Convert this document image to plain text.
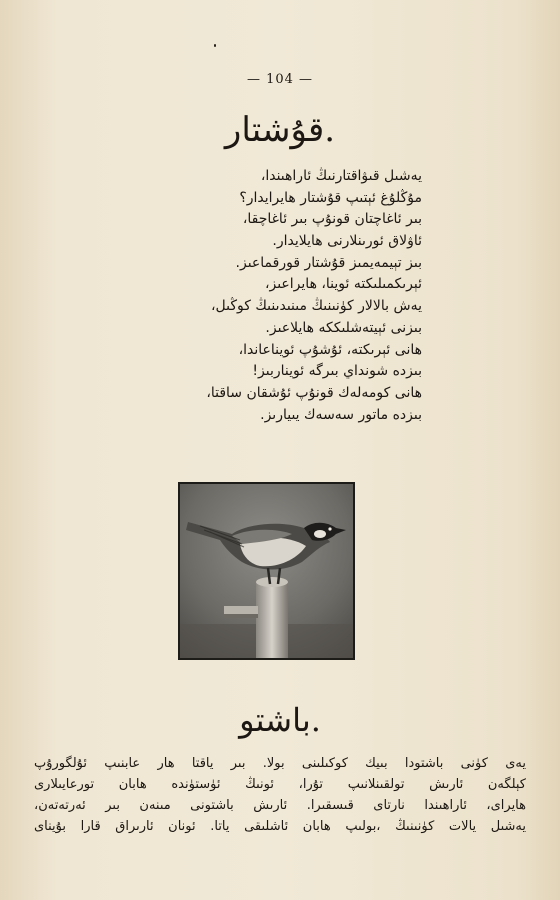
— 104 —
قۇشتار.
يەشىل قىۋاقتارنىڭ ئاراھىندا،
مۇڭلۇغ ئېتىپ قۇشتار ھايرايدار؟
بىر ئاغاچتان قونۇپ بىر ئاغاچقا،
ئاۋلاق ئورىنلارنى ھايلايدار.
بىز تېيمەيمىز قۇشتار قورقماعىز.
ئېرىكمىلىكتە ئوينا، ھايراعىز،
يەش بالالار كۈنىنىڭ مىنىدىنىڭ كوڭىل،
بىزنى ئېيتەشلىككە ھايلاعىز.
ھانى ئېرىكتە، ئۇشۇپ ئويناعاندا،
بىزدە شونداي بىرگە ئويناربىز!
ھانى كومەلەك قونۇپ ئۇشقان ساقتا،
بىزدە ماتور سەسەك يىيارىز.
باشتو.
يەى كۈنى باشتودا بىيك كوكىلىنى بولا. بىر ياقتا ھار عابنىپ ئۇلگورۇپ
كېلگەن ئارىش تولقىنلانىپ تۇرا، ئونىڭ ئۈستۈندە ھابان تورعايىلارى
ھايراى، ئاراھىندا نارتاى قىسقىرا. ئارىش باشتونى مىنەن بىر ئەرتەتەن،
يەشىل يالات كۈنىنىڭ ،بولىپ ھابان ئاشلىقى ياتا. ئونان ئارىراق قارا بۇيناى
